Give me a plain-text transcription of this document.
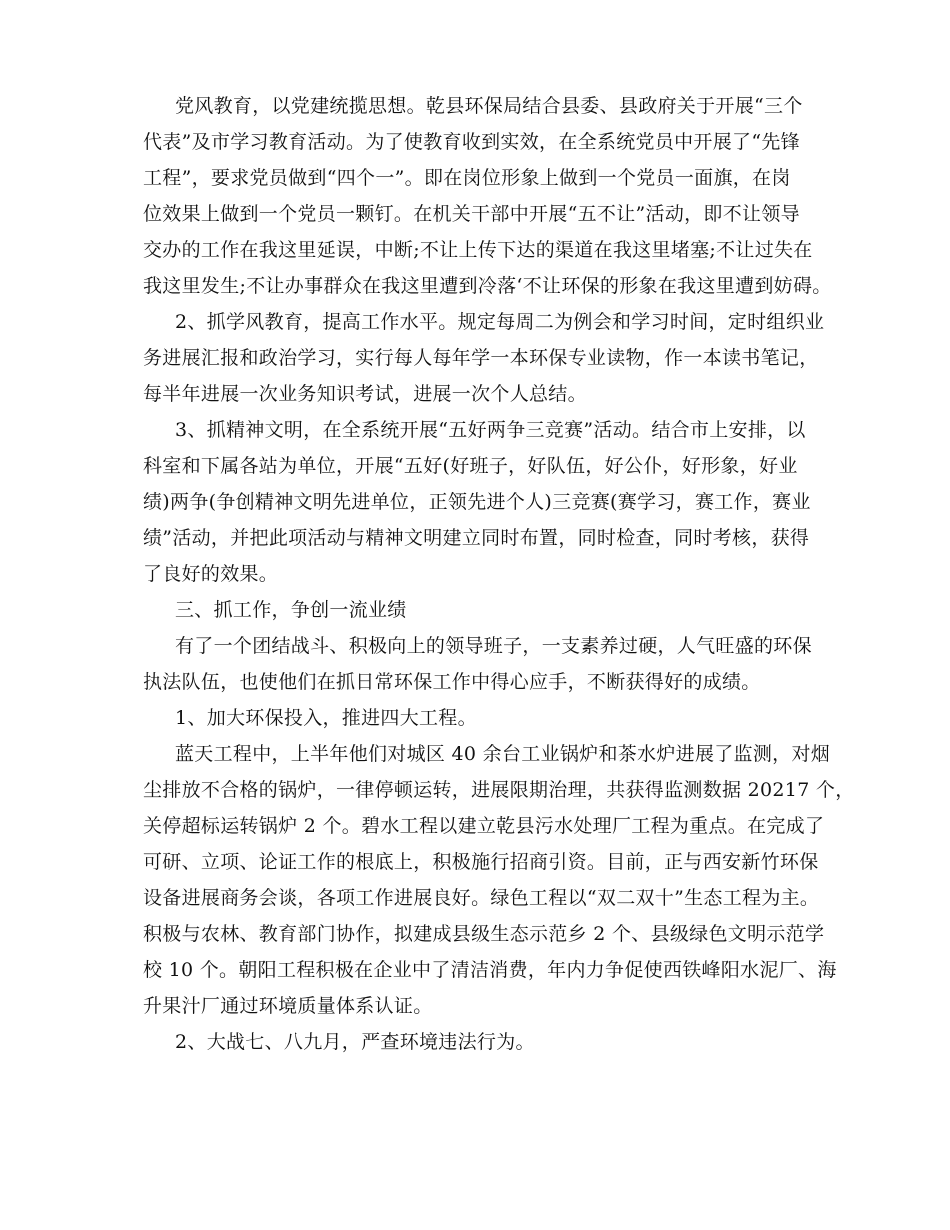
党风教育，以党建统揽思想。乾县环保局结合县委、县政府关于开展“三个
代表”及市学习教育活动。为了使教育收到实效，在全系统党员中开展了“先锋
工程”，要求党员做到“四个一”。即在岗位形象上做到一个党员一面旗，在岗
位效果上做到一个党员一颗钉。在机关干部中开展“五不让”活动，即不让领导
交办的工作在我这里延误，中断;不让上传下达的渠道在我这里堵塞;不让过失在
我这里发生;不让办事群众在我这里遭到冷落‘不让环保的形象在我这里遭到妨碍。
2、抓学风教育，提高工作水平。规定每周二为例会和学习时间，定时组织业
务进展汇报和政治学习，实行每人每年学一本环保专业读物，作一本读书笔记，
每半年进展一次业务知识考试，进展一次个人总结。
3、抓精神文明，在全系统开展“五好两争三竞赛”活动。结合市上安排，以
科室和下属各站为单位，开展“五好(好班子，好队伍，好公仆，好形象，好业
绩)两争(争创精神文明先进单位，正领先进个人)三竞赛(赛学习，赛工作，赛业
绩”活动，并把此项活动与精神文明建立同时布置，同时检查，同时考核，获得
了良好的效果。
三、抓工作，争创一流业绩
有了一个团结战斗、积极向上的领导班子，一支素养过硬，人气旺盛的环保
执法队伍，也使他们在抓日常环保工作中得心应手，不断获得好的成绩。
1、加大环保投入，推进四大工程。
蓝天工程中，上半年他们对城区 40 余台工业锅炉和茶水炉进展了监测，对烟
尘排放不合格的锅炉，一律停顿运转，进展限期治理，共获得监测数据 20217 个，
关停超标运转锅炉 2 个。碧水工程以建立乾县污水处理厂工程为重点。在完成了
可研、立项、论证工作的根底上，积极施行招商引资。目前，正与西安新竹环保
设备进展商务会谈，各项工作进展良好。绿色工程以“双二双十”生态工程为主。
积极与农林、教育部门协作，拟建成县级生态示范乡 2 个、县级绿色文明示范学
校 10 个。朝阳工程积极在企业中了清洁消费，年内力争促使西铁峰阳水泥厂、海
升果汁厂通过环境质量体系认证。
2、大战七、八九月，严查环境违法行为。
